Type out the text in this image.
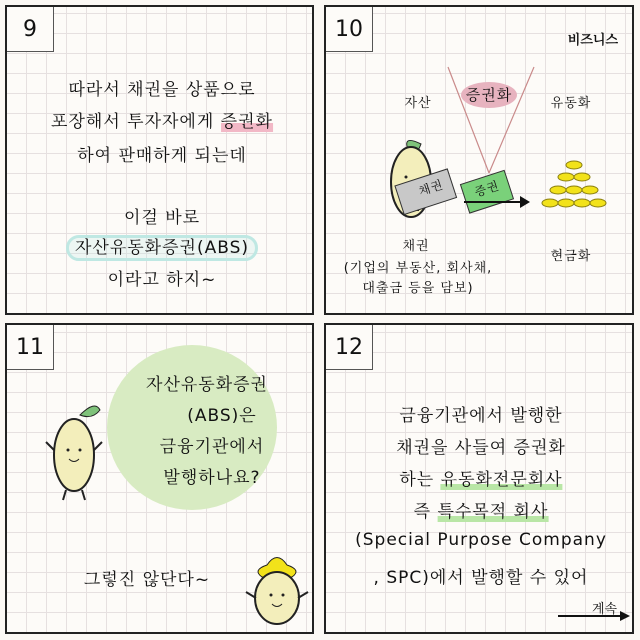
9
따라서 채권을 상품으로
포장해서 투자자에게 증권화
하여 판매하게 되는데
이걸 바로
자산유동화증권(ABS)
이라고 하지~
10	비즈니스
자산 증권화	유동화
채권 증권
채권
(기업의 부동산, 회사채,
대출금 등을 담보)
현금화
11
자산유동화증권
(ABS)은
금융기관에서
발행하나요?
그렇진 않단다~
12
금융기관에서 발행한
채권을 사들여 증권화
하는 유동화전문회사
즉 특수목적 회사
(Special Purpose Company
, SPC)에서 발행할 수 있어
계속
